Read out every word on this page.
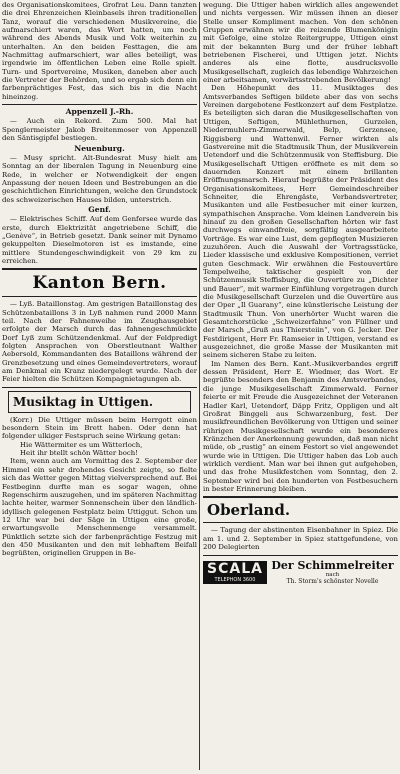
des Organisationskomitees, Grofrat Leu. Dann tanzten die drei Ehrenzeichen Kleinbasels ihren traditionellen Tanz, worauf die verschiedenen Musikvereine, die aufmarschiert waren, das Wort hatten, um noch während des Abends Musik und Volk weiterhin zu unterhalten. An den beiden Festtagen, die am Nachmittag aufmarschiert, war alles beteiligt, was irgendwie im öffentlichen Leben eine Rolle spielt. Turn- und Sportvereine, Musiken, daneben aber auch die Vertreter der Behörden, und so ergab sich denn ein farbenprächtiges Fest, das sich bis in die Nacht hineinzog.

Appenzell J.-Rh.

— Auch ein Rekord. Zum 500. Mal hat Spenglermeister Jakob Breitenmoser von Appenzell den Säntisgipfel bestiegen.

Neuenburg.

— Musy spricht. Alt-Bundesrat Musy hielt am Sonntag an der liberalen Tagung in Neuenburg eine Rede, in welcher er Notwendigkeit der engen Anpassung der neuen Ideen und Bestrebungen an die geschichtlichen Einrichtungen, welche den Grundstock des schweizerischen Hauses bilden, unterstrich.

Genf.

— Elektrisches Schiff. Auf dem Genfersee wurde das erste, durch Elektrizität angetriebene Schiff, die „Genève“, in Betrieb gesetzt. Dank seiner mit Dynamo gekuppelten Dieselmotoren ist es imstande, eine mittlere Stundengeschwindigkeit von 29 km zu erreichen.

Kanton Bern.

— Lyß. Bataillonstag. Am gestrigen Bataillonstag des Schützenbataillons 3 in Lyß nahmen rund 2000 Mann teil. Nach der Fahnenweihe im Zeughausgebiet erfolgte der Marsch durch das fahnengeschmückte Dorf Lyß zum Schützendenkmal. Auf der Feldpredigt folgten Ansprachen von Oberstleutnant Walther Aebersold, Kommandanten des Bataillons während der Grenzbesetzung und eines Gemeindevertreters, worauf am Denkmal ein Kranz niedergelegt wurde. Nach der Feier hielten die Schützen Kompagnietagungen ab.

Musiktag in Uttigen.

(Korr.) Die Uttiger müssen beim Herrgott einen besondern Stein im Brett haben. Oder denn hat folgender ulkiger Festspruch seine Wirkung getan:

Hie Wättermiter es um Wätterloch,

Heit ihr btellt schön Wätter boch!

Item, wenn auch am Vormittag des 2. September der Himmel ein sehr drohendes Gesicht zeigte, so fielte sich das Wetter gegen Mittag vielversprechend auf. Bei Festbeginn durfte man es sogar wagen, ohne Regenschirm auszugehen, und im späteren Nachmittag lachte heiter, warmer Sonnenschein über den ländlich-idyllisch gelegenen Festplatz beim Uttiggut. Schon um 12 Uhr war bei der Säge in Uttigen eine große, erwartungsvolle Menschenmenge versammelt. Pünktlich setzte sich der farbenprächtige Festzug mit den 450 Musikanten und den mit lebhaftem Beifall begrüßten, originellen Gruppen in Be-

wegung. Die Uttiger haben wirklich alles angewendet und nichts vergessen. Wir müssen ihnen an dieser Stelle unser Kompliment machen. Von den schönen Gruppen erwähnen wir die reizende Blumenkönigin mit Gefolge, eine stolze Reitergruppe, Uttigen einst mit der bekannten Burg und der früher lebhaft betriebenen Fischerei, und Uttigen jetzt. Nichts anderes als eine flotte, ausdrucksvolle Musikgesellschaft, zugleich das lebendige Wahrzeichen einer arbeitsamen, vorwärtsstrebenden Bevölkerung!

Den Höhepunkt des 11. Musiktages des Amtsverbandes Seftigen bildete aber das von sechs Vereinen dargebotene Festkonzert auf dem Festplatze. Es beteiligten sich daran die Musikgesellschaften von Uttigen, Seftigen, Mühlethurnen, Gurzelen, Niedermuhlern-Zimmerwald, Belp, Gerzensee, Riggisberg und Wattenwil. Ferner wirkten als Gastvereine mit die Stadtmusik Thun, der Musikverein Uetendorf und die Schützenmusik von Steffisburg. Die Musikgesellschaft Uttigen eröffnete es mit dem so dauernden Konzert mit einem brillanten Eröffnungsmarsch. Hierauf begrüßte der Präsident des Organisationskomitees, Herr Gemeindeschreiber Schneiter, die Ehrengäste, Verbandsvertreter, Musikanten und alle Festbesucher mit einer kurzen, sympathischen Ansprache. Vom kleinen Landverein bis hinauf zu den großen Gesellschaften hörten wir fast durchwegs einwandfreie, sorgfältig ausgearbeitete Vorträge. Es war eine Lust, dem gepflegten Musizieren zuzuhören. Auch die Auswahl der Vortragsstücke, Lieder klassische und exklusive Kompositionen, verriet guten Geschmack. Wir erwähnen die Festouvertüre Tempelweihe, taktischer gespielt von der Schützenmusik Steffisburg, die Ouvertüre zu „Dichter und Bauer“, mit warmer Einfühlung vorgetragen durch die Musikgesellschaft Gurzelen und die Ouvertüre aus der Oper „Il Guarany“, eine künstlerische Leistung der Stadtmusik Thun. Von unerhörter Wucht waren die Gesamtchorstücke „Schweizerfahne“ von Füllner und der Marsch „Gruß aus Thiersteiin“, von G. Jecker. Der Festdirigent, Herr Fr. Ramseier in Uttigen, verstand es ausgezeichnet, die große Masse der Musikanten mit seinem sicheren Stabe zu leiten.

Im Namen des Bern. Kant.-Musikverbandes ergriff dessen Präsident, Herr E. Wiedmer, das Wort. Er begrüßte besonders den Benjamin des Amtsverbandes, die junge Musikgesellschaft Zimmerwald. Ferner feierte er mit Freude die Ausgezeichnet der Veteranen Hadler Karl, Uetendorf, Däpp Fritz, Oppligen und alt Großrat Binggeli aus Schwarzenburg, fest. Der musikfreundlichen Bevölkerung von Uttigen und seiner rührigen Musikgesellschaft wurde ein besonderes Kränzchen der Anerkennung gewunden, daß man nicht müde, ob „rustig“ an einem Festort so viel angewendet wurde wie in Uttigen. Die Uttiger haben das Lob auch wirklich verdient. Man war bei ihnen gut aufgehoben, und das frohe Musikfestchen vom Sonntag, den 2. September wird bei den hunderten von Festbesuchern in bester Erinnerung bleiben.

Oberland.

— Tagung der abstinenten Eisenbahner in Spiez. Die am 1. und 2. September in Spiez stattgefundene, von 200 Delegierten

SCALA
TELEPHON 3600
Der Schimmelreiter
nach
Th. Storm's schönster Novelle
